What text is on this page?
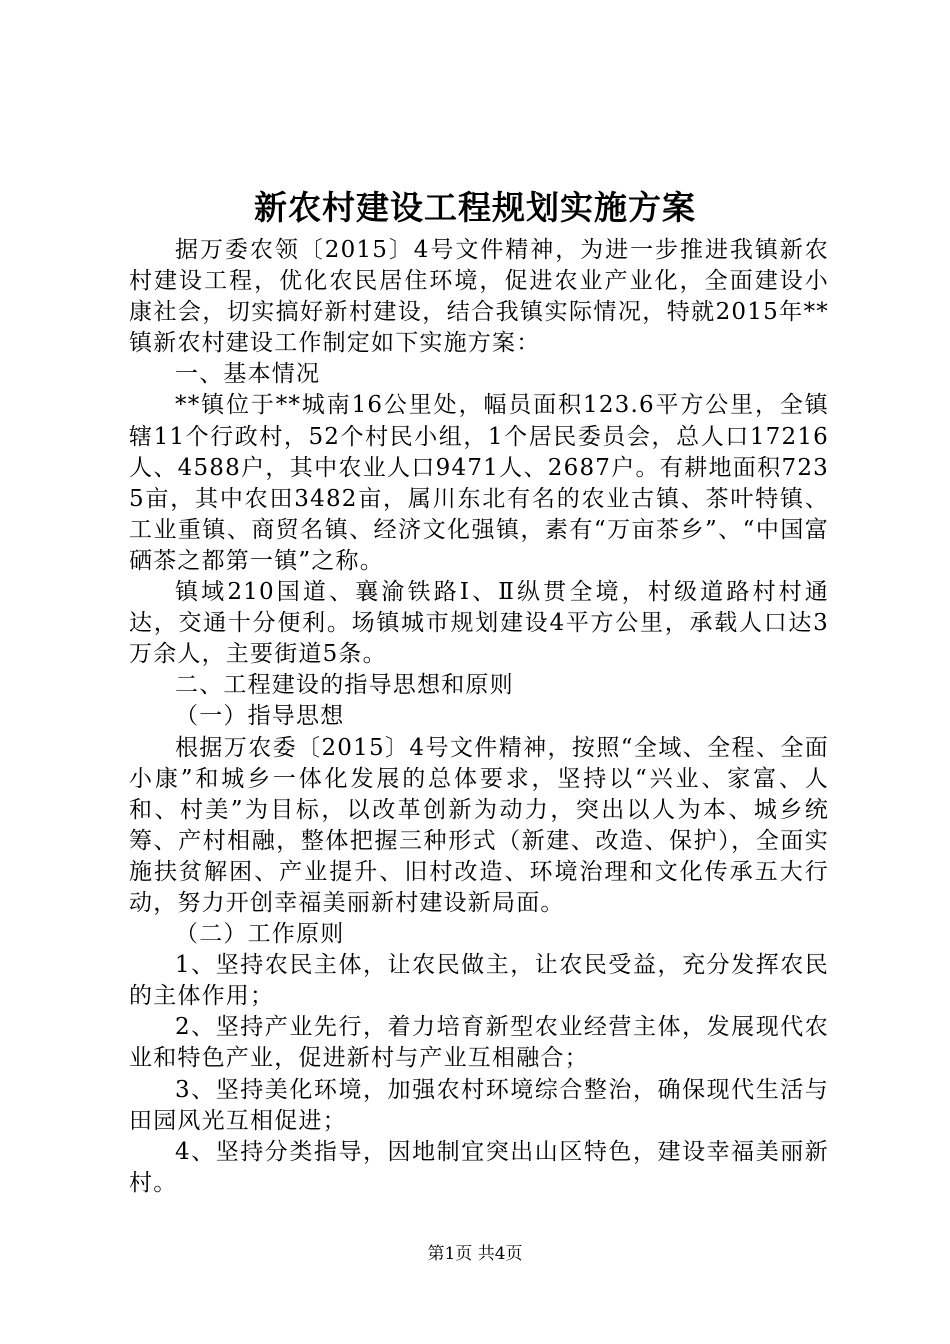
新农村建设工程规划实施方案

据万委农领〔2015〕4号文件精神，为进一步推进我镇新农村建设工程，优化农民居住环境，促进农业产业化，全面建设小康社会，切实搞好新村建设，结合我镇实际情况，特就2015年**镇新农村建设工作制定如下实施方案：

一、基本情况

**镇位于**城南16公里处，幅员面积123.6平方公里，全镇辖11个行政村，52个村民小组，1个居民委员会，总人口17216人、4588户，其中农业人口9471人、2687户。有耕地面积7235亩，其中农田3482亩，属川东北有名的农业古镇、茶叶特镇、工业重镇、商贸名镇、经济文化强镇，素有“万亩茶乡”、“中国富硒茶之都第一镇”之称。

镇域210国道、襄渝铁路Ⅰ、Ⅱ纵贯全境，村级道路村村通达，交通十分便利。场镇城市规划建设4平方公里，承载人口达3万余人，主要街道5条。

二、工程建设的指导思想和原则

（一）指导思想

根据万农委〔2015〕4号文件精神，按照“全域、全程、全面小康”和城乡一体化发展的总体要求，坚持以“兴业、家富、人和、村美”为目标，以改革创新为动力，突出以人为本、城乡统筹、产村相融，整体把握三种形式（新建、改造、保护），全面实施扶贫解困、产业提升、旧村改造、环境治理和文化传承五大行动，努力开创幸福美丽新村建设新局面。

（二）工作原则

1、坚持农民主体，让农民做主，让农民受益，充分发挥农民的主体作用；

2、坚持产业先行，着力培育新型农业经营主体，发展现代农业和特色产业，促进新村与产业互相融合；

3、坚持美化环境，加强农村环境综合整治，确保现代生活与田园风光互相促进；

4、坚持分类指导，因地制宜突出山区特色，建设幸福美丽新村。

第1页 共4页
